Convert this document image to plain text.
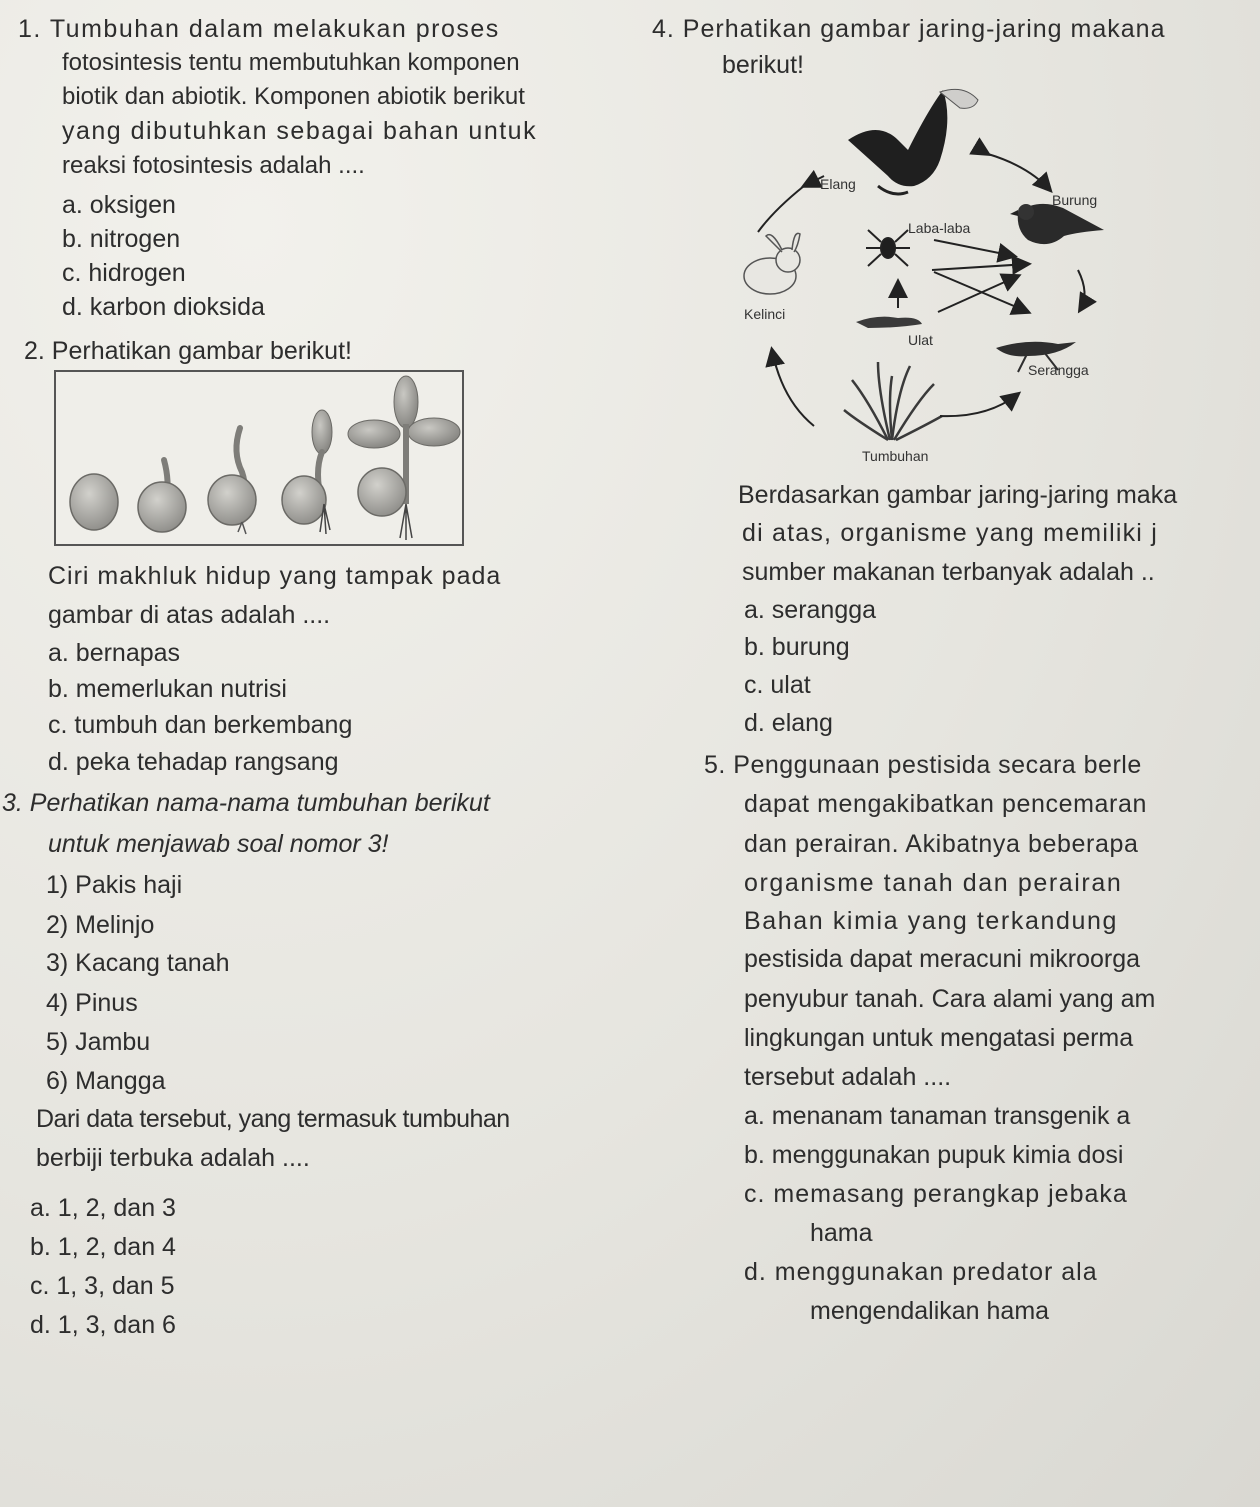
1. Tumbuhan dalam melakukan proses
fotosintesis tentu membutuhkan komponen
biotik dan abiotik. Komponen abiotik berikut
yang dibutuhkan sebagai bahan untuk
reaksi fotosintesis adalah ....
a. oksigen
b. nitrogen
c. hidrogen
d. karbon dioksida
2. Perhatikan gambar berikut!
Ciri makhluk hidup yang tampak pada
gambar di atas adalah ....
a. bernapas
b. memerlukan nutrisi
c. tumbuh dan berkembang
d. peka tehadap rangsang
3. Perhatikan nama-nama tumbuhan berikut
untuk menjawab soal nomor 3!
1) Pakis haji
2) Melinjo
3) Kacang tanah
4) Pinus
5) Jambu
6) Mangga
Dari data tersebut, yang termasuk tumbuhan
berbiji terbuka adalah ....
a. 1, 2, dan 3
b. 1, 2, dan 4
c. 1, 3, dan 5
d. 1, 3, dan 6
4. Perhatikan gambar jaring-jaring makana
berikut!
Elang
Burung
Laba-laba
Kelinci
Ulat
Serangga
Tumbuhan
Berdasarkan gambar jaring-jaring maka
di atas, organisme yang memiliki j
sumber makanan terbanyak adalah ..
a. serangga
b. burung
c. ulat
d. elang
5. Penggunaan pestisida secara berle
dapat mengakibatkan pencemaran
dan perairan. Akibatnya beberapa
organisme tanah dan perairan
Bahan kimia yang terkandung
pestisida dapat meracuni mikroorga
penyubur tanah. Cara alami yang am
lingkungan untuk mengatasi perma
tersebut adalah ....
a. menanam tanaman transgenik a
b. menggunakan pupuk kimia dosi
c. memasang perangkap jebaka
hama
d. menggunakan predator ala
mengendalikan hama
